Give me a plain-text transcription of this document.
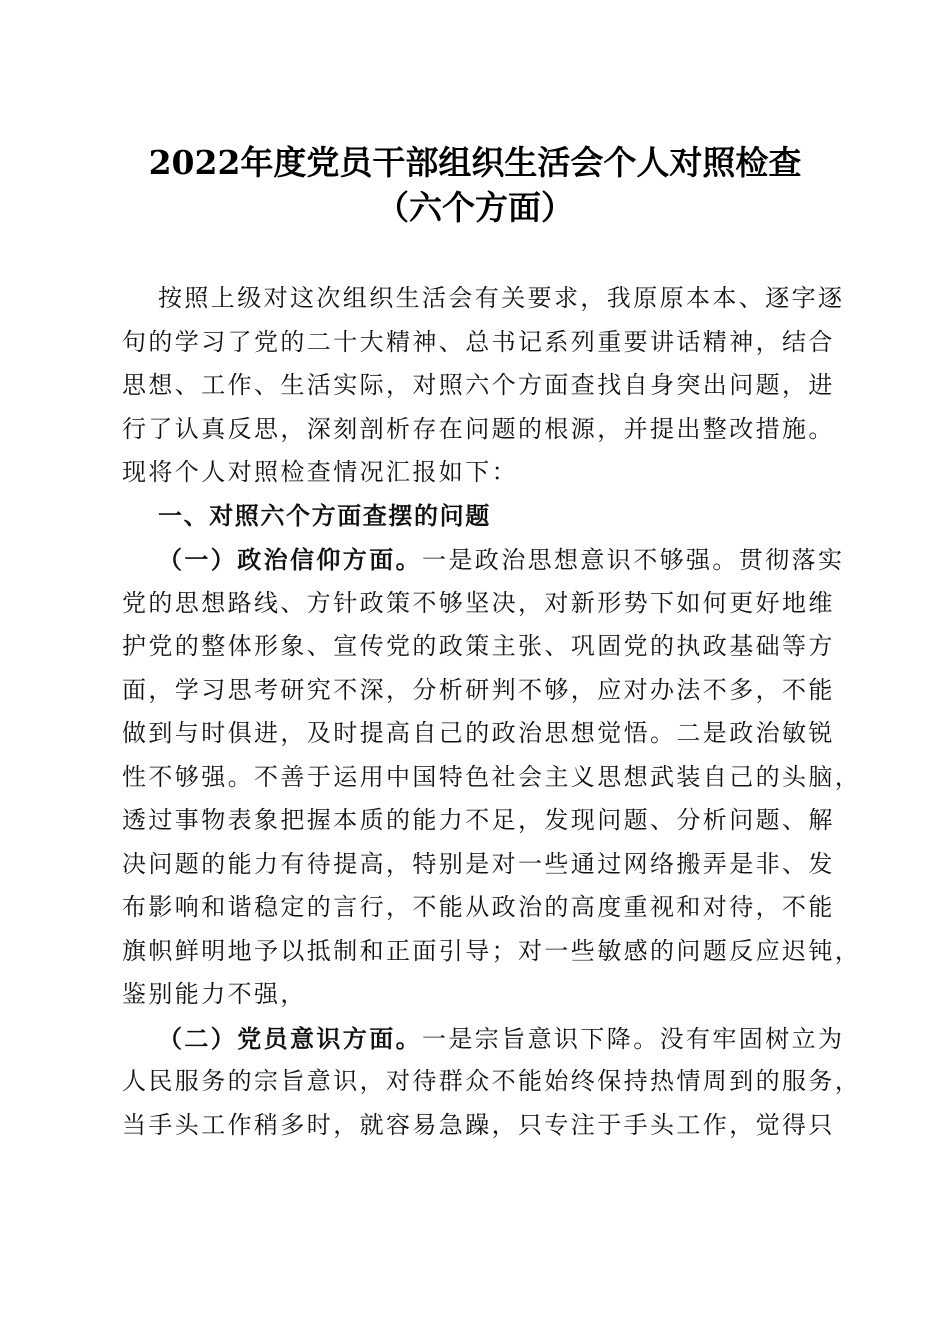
2022年度党员干部组织生活会个人对照检查
（六个方面）
按照上级对这次组织生活会有关要求，我原原本本、逐字逐
句的学习了党的二十大精神、总书记系列重要讲话精神，结合
思想、工作、生活实际，对照六个方面查找自身突出问题，进
行了认真反思，深刻剖析存在问题的根源，并提出整改措施。
现将个人对照检查情况汇报如下：
一、对照六个方面查摆的问题
（一）政治信仰方面。一是政治思想意识不够强。贯彻落实
党的思想路线、方针政策不够坚决，对新形势下如何更好地维
护党的整体形象、宣传党的政策主张、巩固党的执政基础等方
面，学习思考研究不深，分析研判不够，应对办法不多，不能
做到与时俱进，及时提高自己的政治思想觉悟。二是政治敏锐
性不够强。不善于运用中国特色社会主义思想武装自己的头脑，
透过事物表象把握本质的能力不足，发现问题、分析问题、解
决问题的能力有待提高，特别是对一些通过网络搬弄是非、发
布影响和谐稳定的言行，不能从政治的高度重视和对待，不能
旗帜鲜明地予以抵制和正面引导；对一些敏感的问题反应迟钝，
鉴别能力不强，
（二）党员意识方面。一是宗旨意识下降。没有牢固树立为
人民服务的宗旨意识，对待群众不能始终保持热情周到的服务，
当手头工作稍多时，就容易急躁，只专注于手头工作，觉得只
